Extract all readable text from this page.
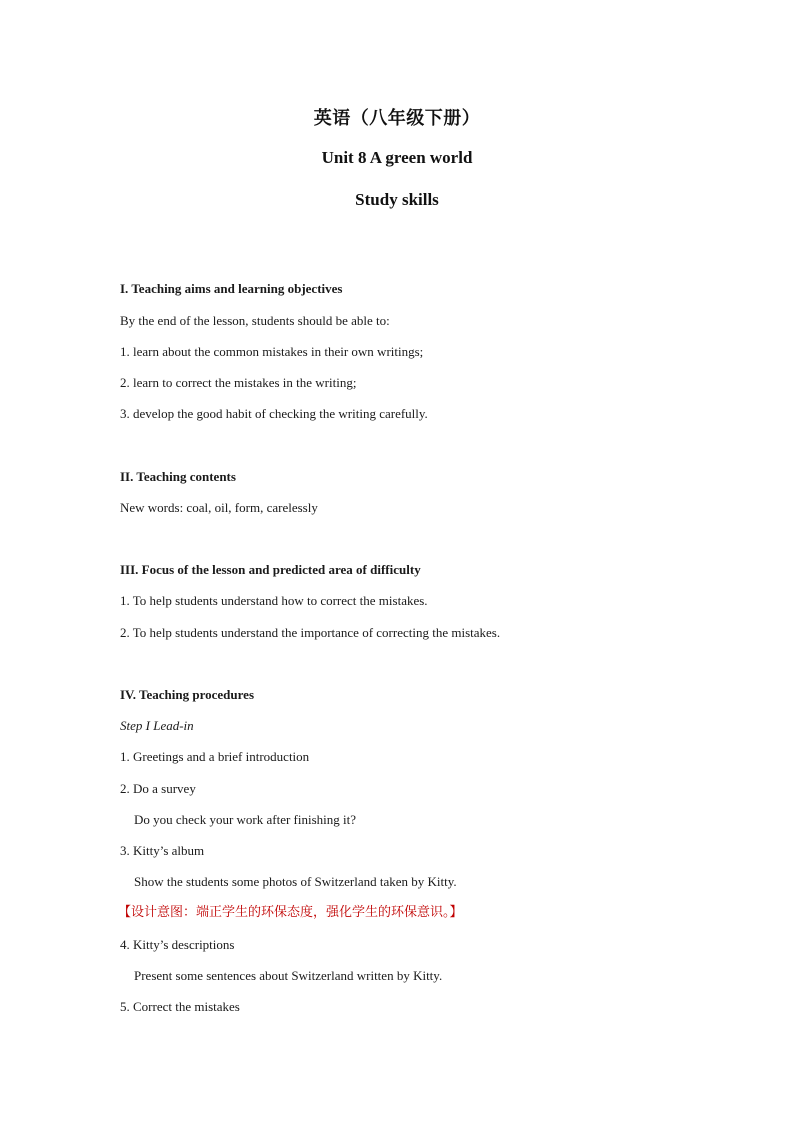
英语（八年级下册）
Unit 8 A green world
Study skills
I. Teaching aims and learning objectives
By the end of the lesson, students should be able to:
1. learn about the common mistakes in their own writings;
2. learn to correct the mistakes in the writing;
3. develop the good habit of checking the writing carefully.
II. Teaching contents
New words: coal, oil, form, carelessly
III. Focus of the lesson and predicted area of difficulty
1. To help students understand how to correct the mistakes.
2. To help students understand the importance of correcting the mistakes.
IV. Teaching procedures
Step I Lead-in
1. Greetings and a brief introduction
2. Do a survey
Do you check your work after finishing it?
3. Kitty’s album
Show the students some photos of Switzerland taken by Kitty.
【设计意图：端正学生的环保态度，强化学生的环保意识。】
4. Kitty’s descriptions
Present some sentences about Switzerland written by Kitty.
5. Correct the mistakes
